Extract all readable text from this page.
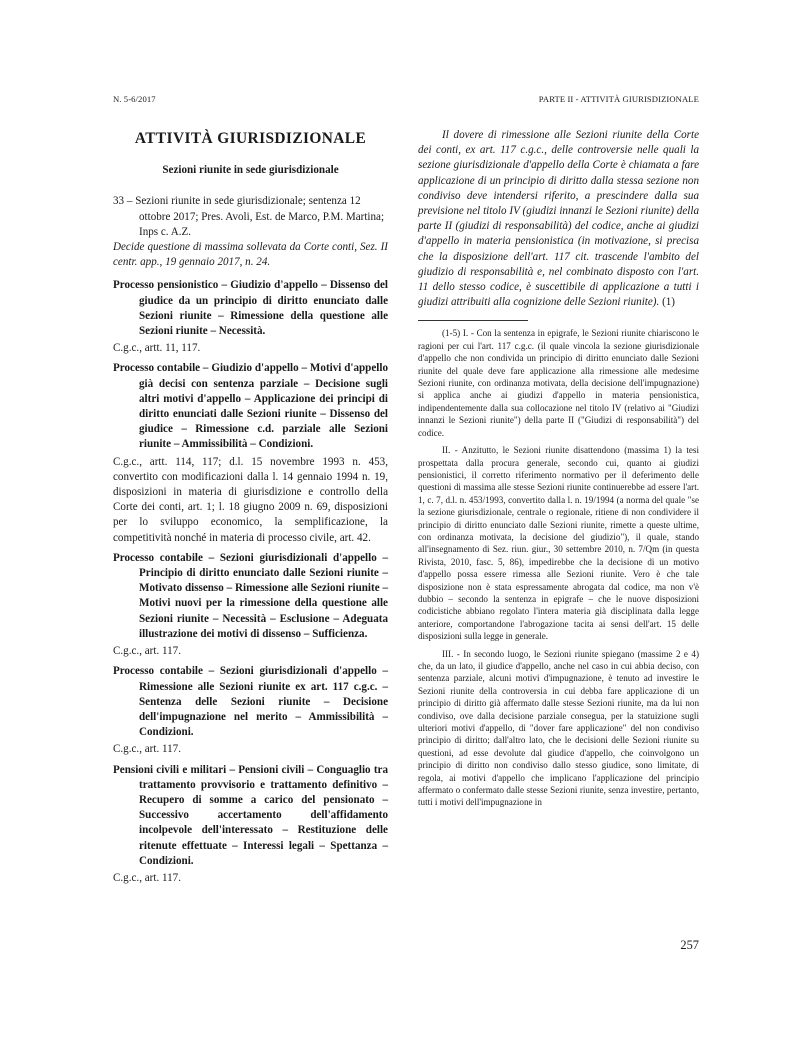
N. 5-6/2017	PARTE II - ATTIVITÀ GIURISDIZIONALE
ATTIVITÀ GIURISDIZIONALE
Sezioni riunite in sede giurisdizionale

33 – Sezioni riunite in sede giurisdizionale; sentenza 12 ottobre 2017; Pres. Avoli, Est. de Marco, P.M. Martina; Inps c. A.Z.

Decide questione di massima sollevata da Corte conti, Sez. II centr. app., 19 gennaio 2017, n. 24.

Processo pensionistico – Giudizio d'appello – Dissenso del giudice da un principio di diritto enunciato dalle Sezioni riunite – Rimessione della questione alle Sezioni riunite – Necessità.

C.g.c., artt. 11, 117.

Processo contabile – Giudizio d'appello – Motivi d'appello già decisi con sentenza parziale – Decisione sugli altri motivi d'appello – Applicazione dei principi di diritto enunciati dalle Sezioni riunite – Dissenso del giudice – Rimessione c.d. parziale alle Sezioni riunite – Ammissibilità – Condizioni.

C.g.c., artt. 114, 117; d.l. 15 novembre 1993 n. 453, convertito con modificazioni dalla l. 14 gennaio 1994 n. 19, disposizioni in materia di giurisdizione e controllo della Corte dei conti, art. 1; l. 18 giugno 2009 n. 69, disposizioni per lo sviluppo economico, la semplificazione, la competitività nonché in materia di processo civile, art. 42.

Processo contabile – Sezioni giurisdizionali d'appello – Principio di diritto enunciato dalle Sezioni riunite – Motivato dissenso – Rimessione alle Sezioni riunite – Motivi nuovi per la rimessione della questione alle Sezioni riunite – Necessità – Esclusione – Adeguata illustrazione dei motivi di dissenso – Sufficienza.

C.g.c., art. 117.

Processo contabile – Sezioni giurisdizionali d'appello – Rimessione alle Sezioni riunite ex art. 117 c.g.c. – Sentenza delle Sezioni riunite – Decisione dell'impugnazione nel merito – Ammissibilità – Condizioni.

C.g.c., art. 117.

Pensioni civili e militari – Pensioni civili – Conguaglio tra trattamento provvisorio e trattamento definitivo – Recupero di somme a carico del pensionato – Successivo accertamento dell'affidamento incolpevole dell'interessato – Restituzione delle ritenute effettuate – Interessi legali – Spettanza – Condizioni.

C.g.c., art. 117.

Il dovere di rimessione alle Sezioni riunite della Corte dei conti, ex art. 117 c.g.c., delle controversie nelle quali la sezione giurisdizionale d'appello della Corte è chiamata a fare applicazione di un principio di diritto dalla stessa sezione non condiviso deve intendersi riferito, a prescindere dalla sua previsione nel titolo IV (giudizi innanzi le Sezioni riunite) della parte II (giudizi di responsabilità) del codice, anche ai giudizi d'appello in materia pensionistica (in motivazione, si precisa che la disposizione dell'art. 117 cit. trascende l'ambito del giudizio di responsabilità e, nel combinato disposto con l'art. 11 dello stesso codice, è suscettibile di applicazione a tutti i giudizi attribuiti alla cognizione delle Sezioni riunite). (1)

(1-5) I. - Con la sentenza in epigrafe, le Sezioni riunite chiariscono le ragioni per cui l'art. 117 c.g.c. (il quale vincola la sezione giurisdizionale d'appello che non condivida un principio di diritto enunciato dalle Sezioni riunite del quale deve fare applicazione alla rimessione alle medesime Sezioni riunite, con ordinanza motivata, della decisione dell'impugnazione) si applica anche ai giudizi d'appello in materia pensionistica, indipendentemente dalla sua collocazione nel titolo IV (relativo ai "Giudizi innanzi le Sezioni riunite") della parte II ("Giudizi di responsabilità") del codice.

II. - Anzitutto, le Sezioni riunite disattendono (massima 1) la tesi prospettata dalla procura generale, secondo cui, quanto ai giudizi pensionistici, il corretto riferimento normativo per il deferimento delle questioni di massima alle stesse Sezioni riunite continuerebbe ad essere l'art. 1, c. 7, d.l. n. 453/1993, convertito dalla l. n. 19/1994 (a norma del quale "se la sezione giurisdizionale, centrale o regionale, ritiene di non condividere il principio di diritto enunciato dalle Sezioni riunite, rimette a queste ultime, con ordinanza motivata, la decisione del giudizio"), il quale, stando all'insegnamento di Sez. riun. giur., 30 settembre 2010, n. 7/Qm (in questa Rivista, 2010, fasc. 5, 86), impedirebbe che la decisione di un motivo d'appello possa essere rimessa alle Sezioni riunite. Vero è che tale disposizione non è stata espressamente abrogata dal codice, ma non v'è dubbio – secondo la sentenza in epigrafe – che le nuove disposizioni codicistiche abbiano regolato l'intera materia già disciplinata dalla legge anteriore, comportandone l'abrogazione tacita ai sensi dell'art. 15 delle disposizioni sulla legge in generale.

III. - In secondo luogo, le Sezioni riunite spiegano (massime 2 e 4) che, da un lato, il giudice d'appello, anche nel caso in cui abbia deciso, con sentenza parziale, alcuni motivi d'impugnazione, è tenuto ad investire le Sezioni riunite della controversia in cui debba fare applicazione di un principio di diritto già affermato dalle stesse Sezioni riunite, ma da lui non condiviso, ove dalla decisione parziale consegua, per la statuizione sugli ulteriori motivi d'appello, di "dover fare applicazione" del non condiviso principio di diritto; dall'altro lato, che le decisioni delle Sezioni riunite su questioni, ad esse devolute dal giudice d'appello, che coinvolgono un principio di diritto non condiviso dallo stesso giudice, sono limitate, di regola, ai motivi d'appello che implicano l'applicazione del principio affermato o confermato dalle stesse Sezioni riunite, senza investire, pertanto, tutti i motivi dell'impugnazione in

257
